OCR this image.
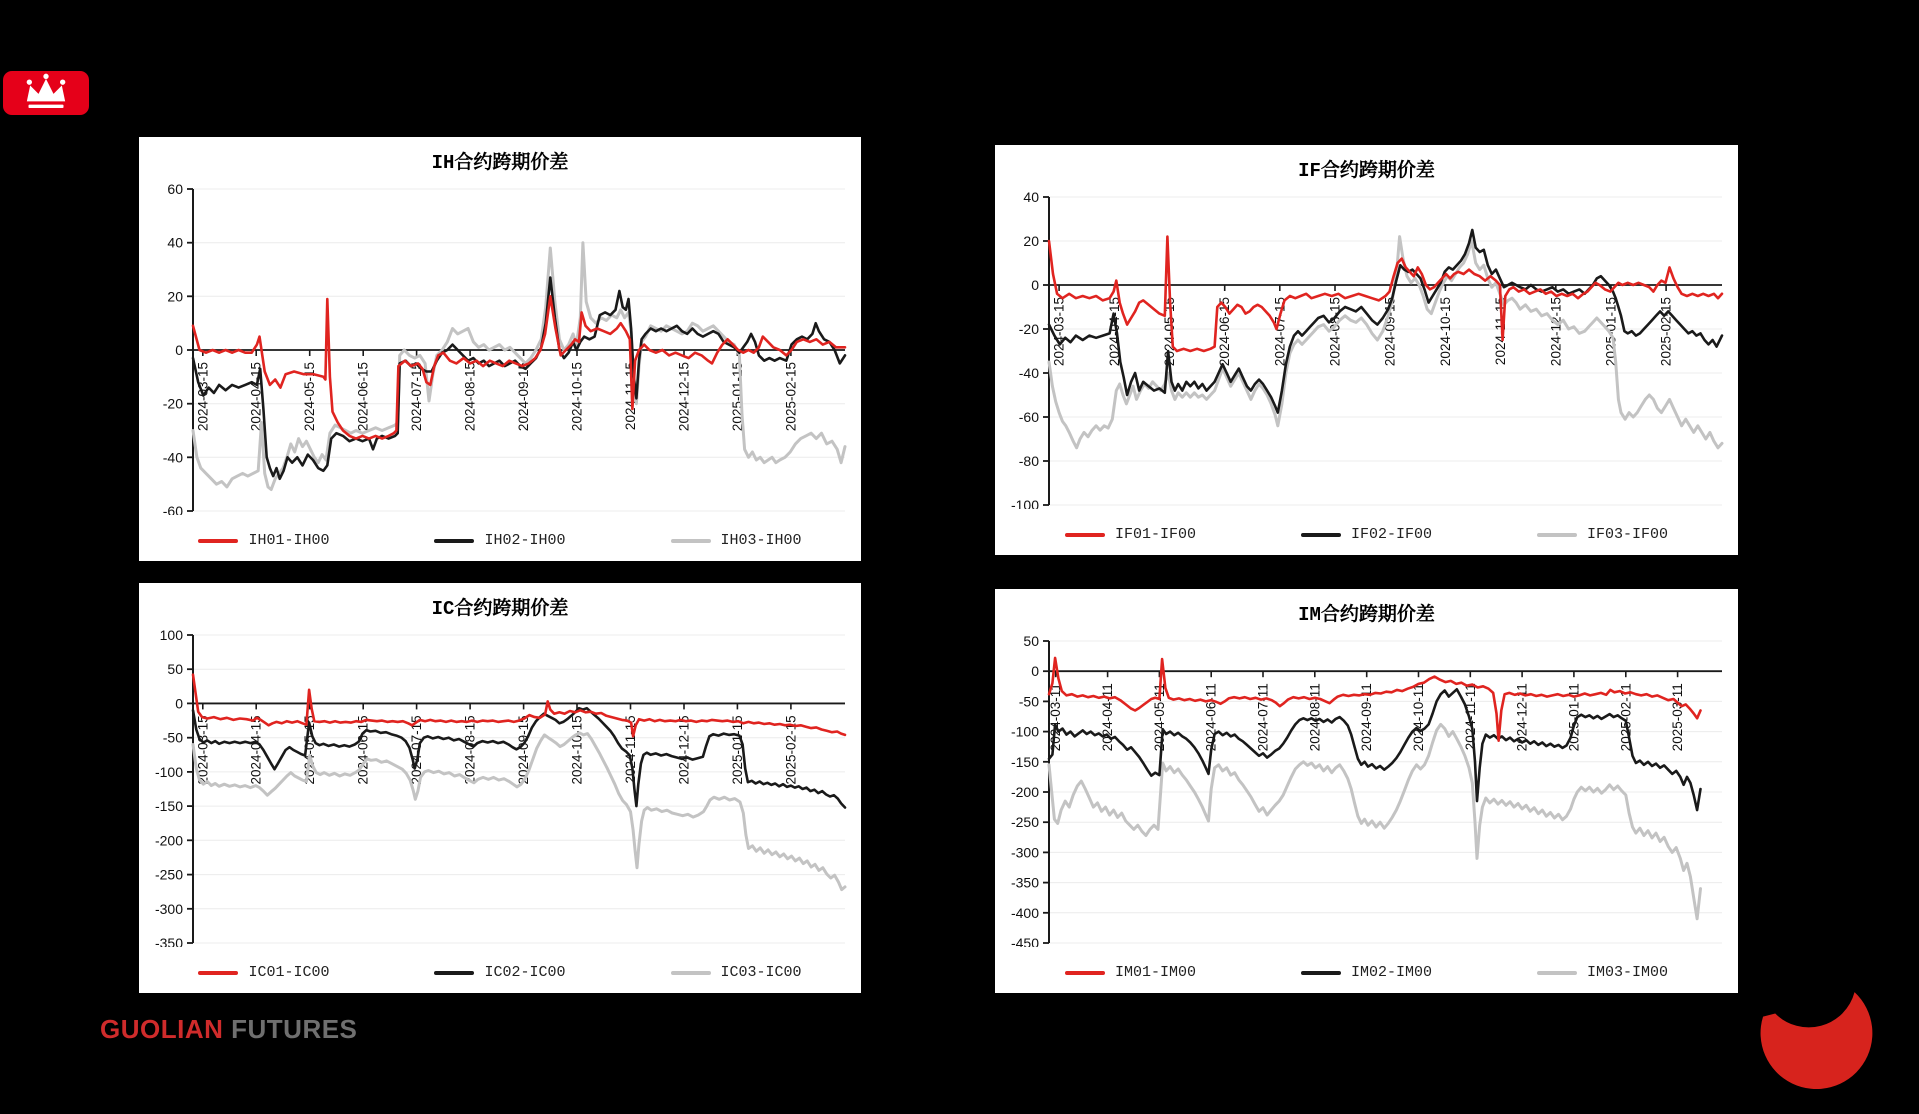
IH合约跨期价差
60
40
20
0
-20
-40
-60
2024-03-15	2024-04-15	2024-05-15	2024-06-15	2024-07-15	2024-08-15	2024-09-15	2024-10-15	2024-11-15	2024-12-15	2025-01-15	2025-02-15
IH01-IH00	IH02-IH00	IH03-IH00
IF合约跨期价差
40
20
0
-20
-40
-60
-80
-100
2024-03-15	2024-04-15	2024-05-15	2024-06-15	2024-07-15	2024-08-15	2024-09-15	2024-10-15	2024-11-15	2024-12-15	2025-01-15	2025-02-15
IF01-IF00	IF02-IF00	IF03-IF00
IC合约跨期价差
100
50
0
-50
-100
-150
-200
-250
-300
-350
2024-03-15	2024-04-15	2024-05-15	2024-06-15	2024-07-15	2024-08-15	2024-09-15	2024-10-15	2024-11-15	2024-12-15	2025-01-15	2025-02-15
IC01-IC00	IC02-IC00	IC03-IC00
IM合约跨期价差
50
0
-50
-100
-150
-200
-250
-300
-350
-400
-450
2024-03-11	2024-04-11	2024-05-11	2024-06-11	2024-07-11	2024-08-11	2024-09-11	2024-10-11	2024-11-11	2024-12-11	2025-01-11	2025-02-11	2025-03-11
IM01-IM00	IM02-IM00	IM03-IM00
GUOLIAN FUTURES
